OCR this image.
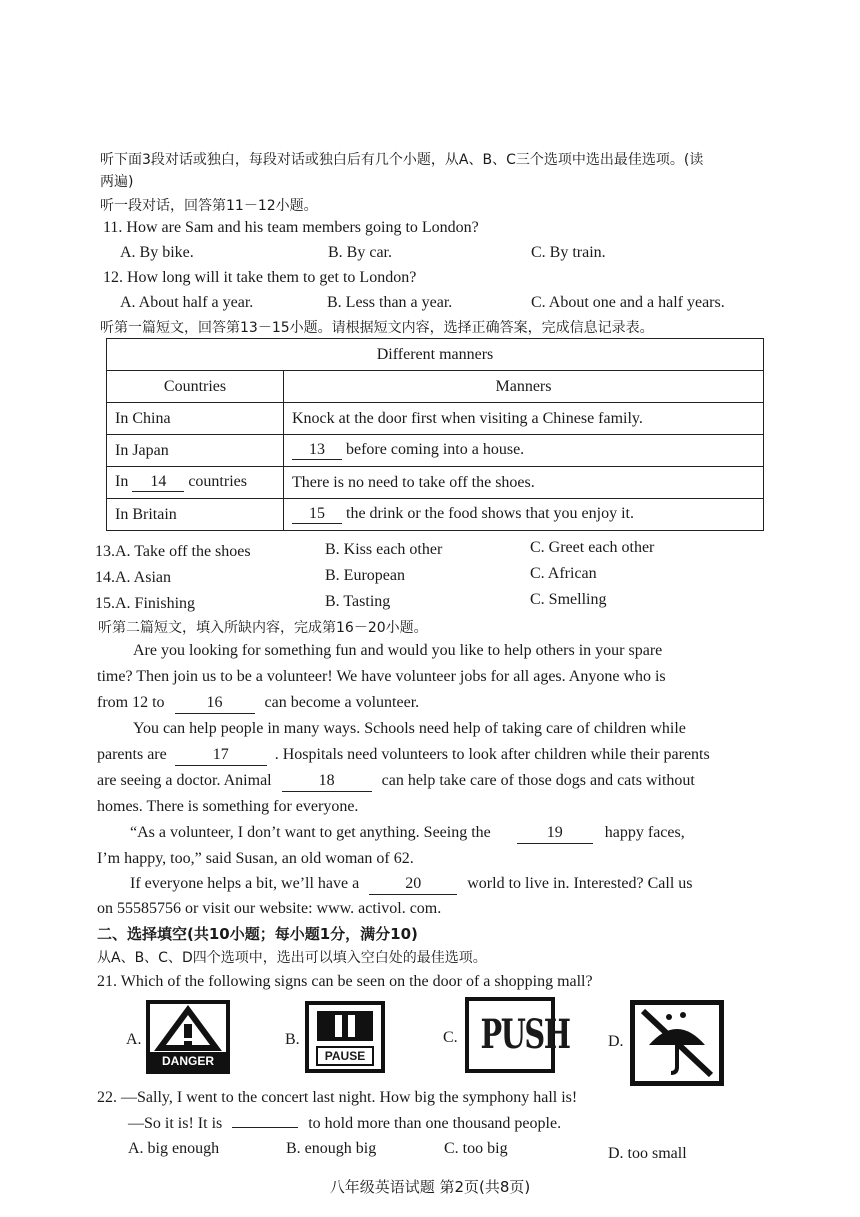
听下面3段对话或独白，每段对话或独白后有几个小题，从A、B、C三个选项中选出最佳选项。(读
两遍)
听一段对话，回答第11－12小题。
11. How are Sam and his team members going to London?
A. By bike.	B. By car.	C. By train.
12. How long will it take them to get to London?
A. About half a year.	B. Less than a year.	C. About one and a half years.
听第一篇短文，回答第13－15小题。请根据短文内容，选择正确答案，完成信息记录表。
Different manners	
Countries	Manners
In China	Knock at the door first when visiting a Chinese family.
In Japan	13 before coming into a house.
In 14 countries	There is no need to take off the shoes.
In Britain	15 the drink or the food shows that you enjoy it.
13.A. Take off the shoes	B. Kiss each other	C. Greet each other
14.A. Asian	B. European	C. African
15.A. Finishing	B. Tasting	C. Smelling
听第二篇短文，填入所缺内容，完成第16－20小题。
Are you looking for something fun and would you like to help others in your spare
time? Then join us to be a volunteer! We have volunteer jobs for all ages. Anyone who is
from 12 to	16	can become a volunteer.
You can help people in many ways. Schools need help of taking care of children while
parents are	17	. Hospitals need volunteers to look after children while their parents
are seeing a doctor. Animal	18	can help take care of those dogs and cats without
homes. There is something for everyone.
“As a volunteer, I don’t want to get anything. Seeing the	19	happy faces,
I’m happy, too,” said Susan, an old woman of 62.
If everyone helps a bit, we’ll have a	20	world to live in. Interested? Call us
on 55585756 or visit our website: www. activol. com.
二、选择填空(共10小题；每小题1分，满分10)
从A、B、C、D四个选项中，选出可以填入空白处的最佳选项。
21. Which of the following signs can be seen on the door of a shopping mall?
A.
DANGER
B.
PAUSE
C. PUSH D.
22. —Sally, I went to the concert last night. How big the symphony hall is!
—So it is! It is	to hold more than one thousand people.
A. big enough	B. enough big	C. too big	D. too small
八年级英语试题 第2页(共8页)
